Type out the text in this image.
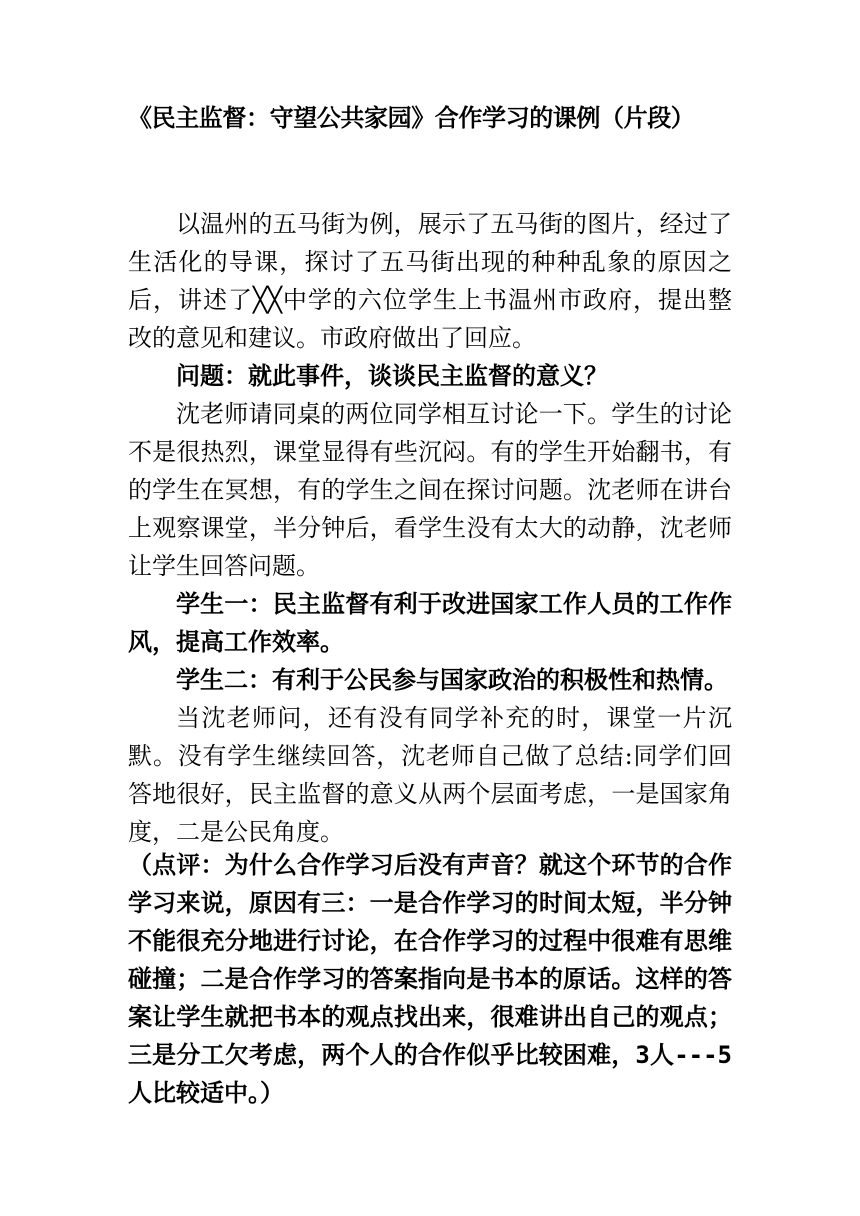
《民主监督：守望公共家园》合作学习的课例（片段）

以温州的五马街为例，展示了五马街的图片，经过了生活化的导课，探讨了五马街出现的种种乱象的原因之后，讲述了╳╳中学的六位学生上书温州市政府，提出整改的意见和建议。市政府做出了回应。

问题：就此事件，谈谈民主监督的意义？

沈老师请同桌的两位同学相互讨论一下。学生的讨论不是很热烈，课堂显得有些沉闷。有的学生开始翻书，有的学生在冥想，有的学生之间在探讨问题。沈老师在讲台上观察课堂，半分钟后，看学生没有太大的动静，沈老师让学生回答问题。

学生一：民主监督有利于改进国家工作人员的工作作风，提高工作效率。

学生二：有利于公民参与国家政治的积极性和热情。

当沈老师问，还有没有同学补充的时，课堂一片沉默。没有学生继续回答，沈老师自己做了总结:同学们回答地很好，民主监督的意义从两个层面考虑，一是国家角度，二是公民角度。

（点评：为什么合作学习后没有声音？就这个环节的合作学习来说，原因有三：一是合作学习的时间太短，半分钟不能很充分地进行讨论，在合作学习的过程中很难有思维碰撞；二是合作学习的答案指向是书本的原话。这样的答案让学生就把书本的观点找出来，很难讲出自己的观点；三是分工欠考虑，两个人的合作似乎比较困难，3人---5人比较适中。）
